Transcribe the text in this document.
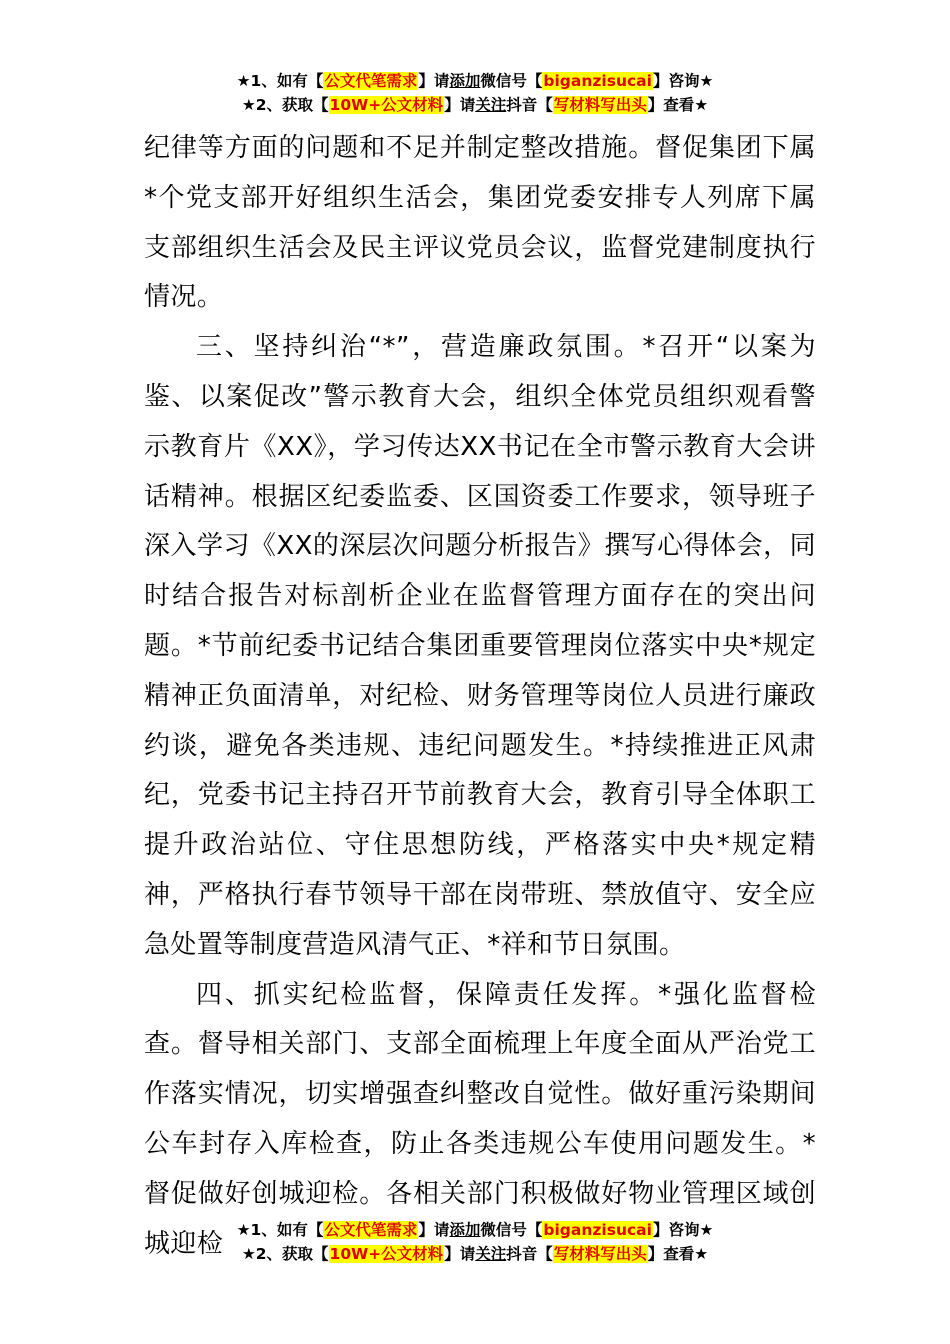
★1、如有【公文代笔需求】请添加微信号【biganzisucai】咨询★
★2、获取【10W+公文材料】请关注抖音【写材料写出头】查看★

纪律等方面的问题和不足并制定整改措施。督促集团下属*个党支部开好组织生活会，集团党委安排专人列席下属支部组织生活会及民主评议党员会议，监督党建制度执行情况。

三、坚持纠治“*”，营造廉政氛围。*召开“以案为鉴、以案促改”警示教育大会，组织全体党员组织观看警示教育片《XX》，学习传达XX书记在全市警示教育大会讲话精神。根据区纪委监委、区国资委工作要求，领导班子深入学习《XX的深层次问题分析报告》撰写心得体会，同时结合报告对标剖析企业在监督管理方面存在的突出问题。*节前纪委书记结合集团重要管理岗位落实中央*规定精神正负面清单，对纪检、财务管理等岗位人员进行廉政约谈，避免各类违规、违纪问题发生。*持续推进正风肃纪，党委书记主持召开节前教育大会，教育引导全体职工提升政治站位、守住思想防线，严格落实中央*规定精神，严格执行春节领导干部在岗带班、禁放值守、安全应急处置等制度营造风清气正、*祥和节日氛围。

四、抓实纪检监督，保障责任发挥。*强化监督检查。督导相关部门、支部全面梳理上年度全面从严治党工作落实情况，切实增强查纠整改自觉性。做好重污染期间公车封存入库检查，防止各类违规公车使用问题发生。*督促做好创城迎检。各相关部门积极做好物业管理区域创城迎检 ★1、如有【公文代笔需求】请添加微信号【biganzisucai】咨询★
★2、获取【10W+公文材料】请关注抖音【写材料写出头】查看★
